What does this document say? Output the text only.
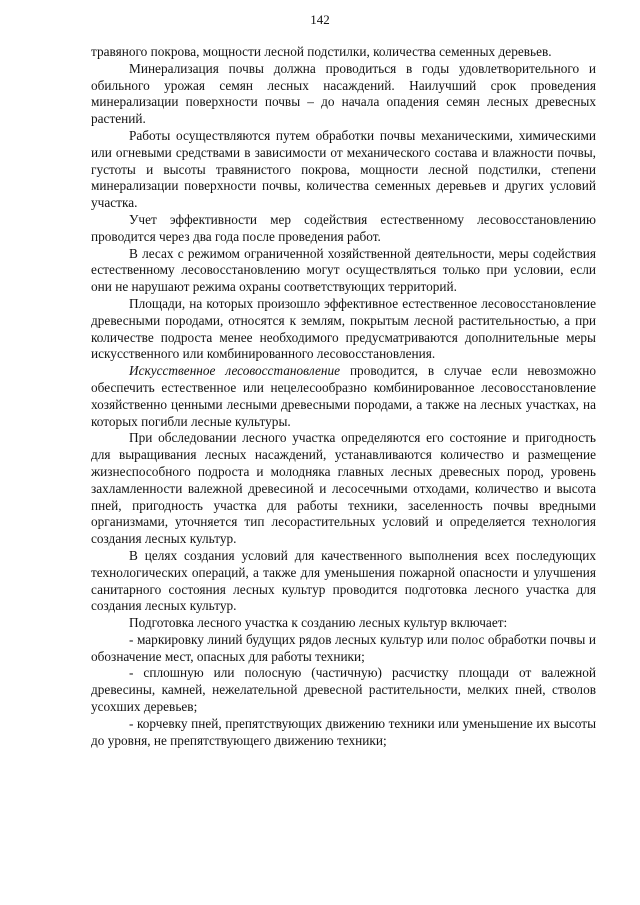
142

травяного покрова, мощности лесной подстилки, количества семенных деревьев.

Минерализация почвы должна проводиться в годы удовлетворительного и обильного урожая семян лесных насаждений. Наилучший срок проведения минерализации поверхности почвы – до начала опадения семян лесных древесных растений.

Работы осуществляются путем обработки почвы механическими, химическими или огневыми средствами в зависимости от механического состава и влажности почвы, густоты и высоты травянистого покрова, мощности лесной подстилки, степени минерализации поверхности почвы, количества семенных деревьев и других условий участка.

Учет эффективности мер содействия естественному лесовосстановлению проводится через два года после проведения работ.

В лесах с режимом ограниченной хозяйственной деятельности, меры содействия естественному лесовосстановлению могут осуществляться только при условии, если они не нарушают режима охраны соответствующих территорий.

Площади, на которых произошло эффективное естественное лесовосстановление древесными породами, относятся к землям, покрытым лесной растительностью, а при количестве подроста менее необходимого предусматриваются дополнительные меры искусственного или комбинированного лесовосстановления.

Искусственное лесовосстановление проводится, в случае если невозможно обеспечить естественное или нецелесообразно комбинированное лесовосстановление хозяйственно ценными лесными древесными породами, а также на лесных участках, на которых погибли лесные культуры.

При обследовании лесного участка определяются его состояние и пригодность для выращивания лесных насаждений, устанавливаются количество и размещение жизнеспособного подроста и молодняка главных лесных древесных пород, уровень захламленности валежной древесиной и лесосечными отходами, количество и высота пней, пригодность участка для работы техники, заселенность почвы вредными организмами, уточняется тип лесорастительных условий и определяется технология создания лесных культур.

В целях создания условий для качественного выполнения всех последующих технологических операций, а также для уменьшения пожарной опасности и улучшения санитарного состояния лесных культур проводится подготовка лесного участка для создания лесных культур.

Подготовка лесного участка к созданию лесных культур включает:

- маркировку линий будущих рядов лесных культур или полос обработки почвы и обозначение мест, опасных для работы техники;

- сплошную или полосную (частичную) расчистку площади от валежной древесины, камней, нежелательной древесной растительности, мелких пней, стволов усохших деревьев;

- корчевку пней, препятствующих движению техники или уменьшение их высоты до уровня, не препятствующего движению техники;
